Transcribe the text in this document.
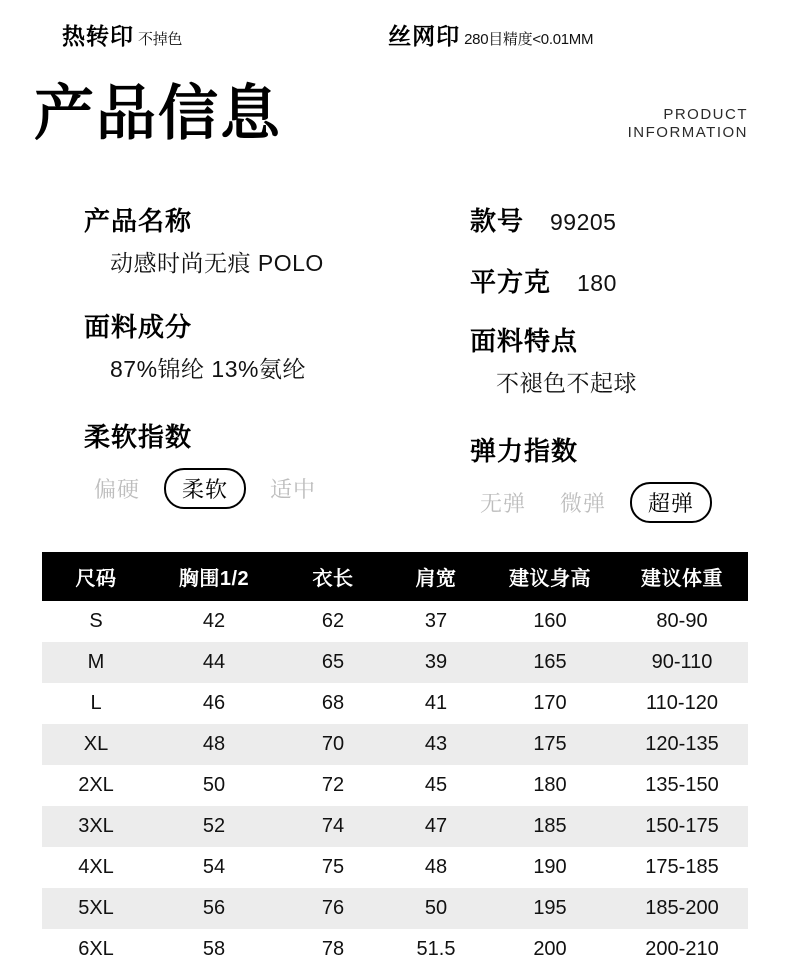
热转印 不掉色	丝网印 280目精度<0.01MM
产品信息	PRODUCT
INFORMATION
产品名称
动感时尚无痕 POLO
面料成分
87%锦纶 13%氨纶
柔软指数
偏硬	柔软	适中
款号 99205
平方克 180
面料特点
不褪色不起球
弹力指数
无弹	微弹	超弹
尺码	胸围1/2	衣长	肩宽	建议身高	建议体重
S	42	62	37	160	80-90
M	44	65	39	165	90-110
L	46	68	41	170	110-120
XL	48	70	43	175	120-135
2XL	50	72	45	180	135-150
3XL	52	74	47	185	150-175
4XL	54	75	48	190	175-185
5XL	56	76	50	195	185-200
6XL	58	78	51.5	200	200-210
